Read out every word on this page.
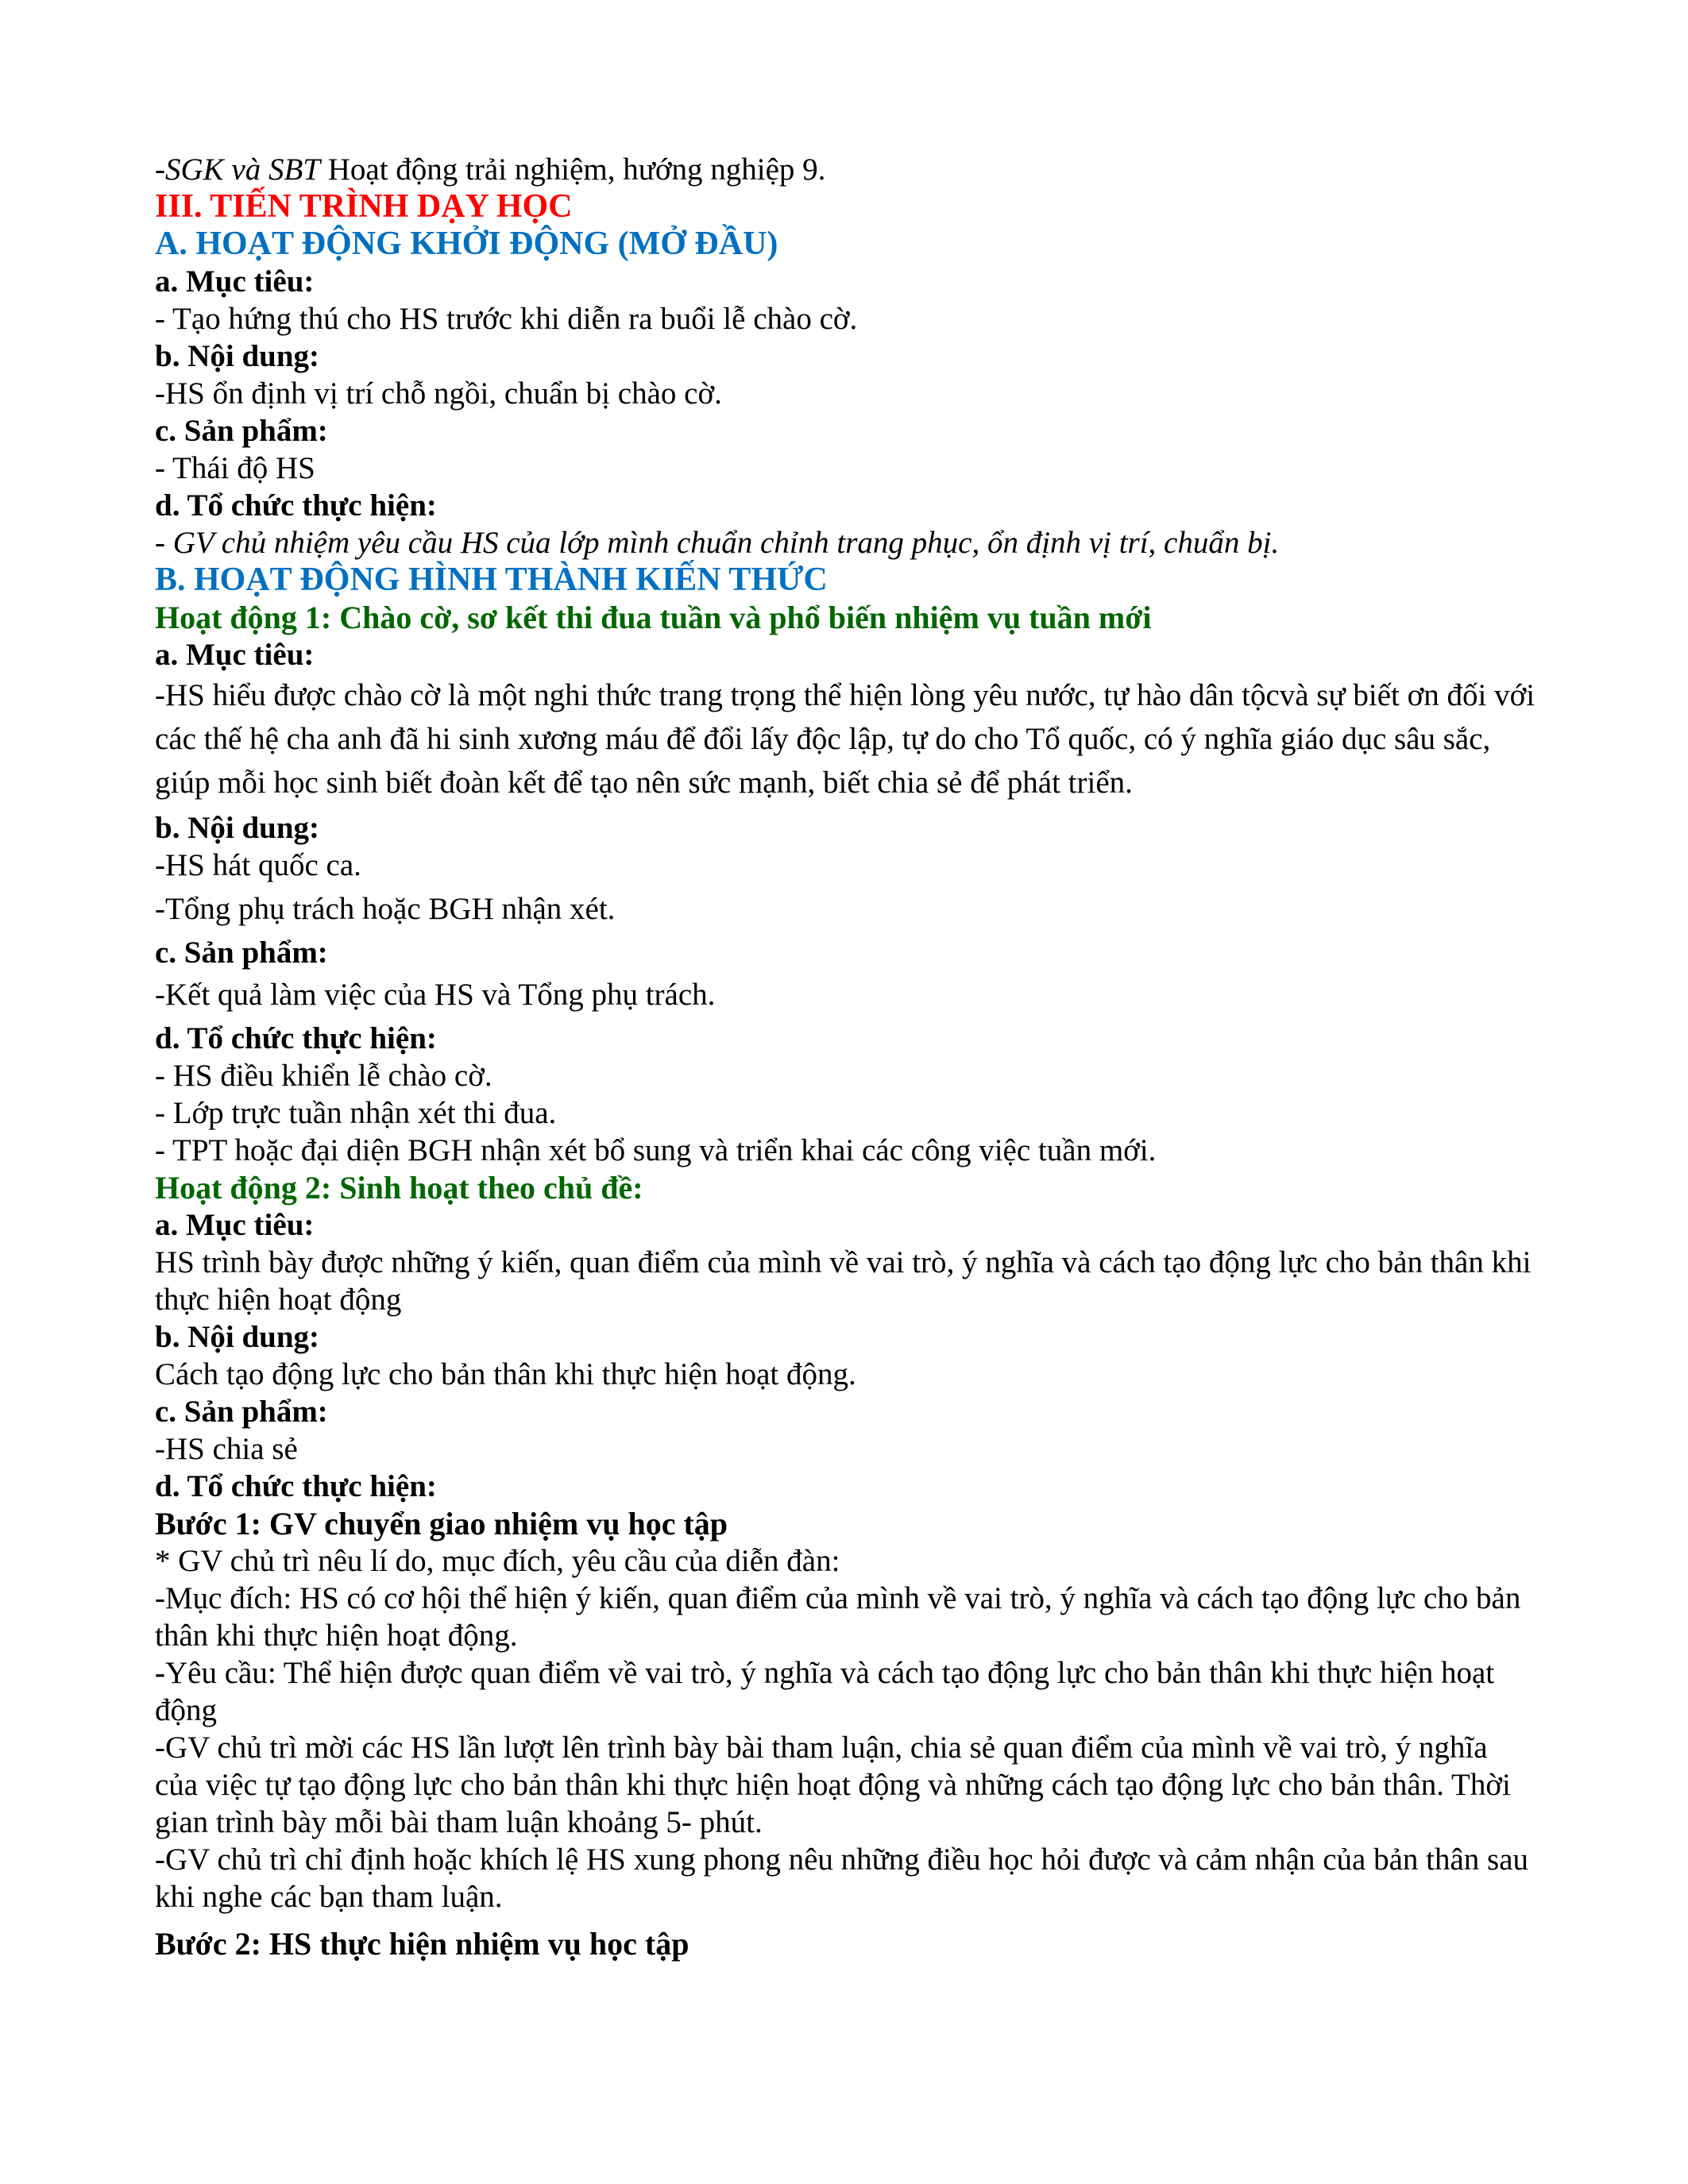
-SGK và SBT Hoạt động trải nghiệm, hướng nghiệp 9.
III. TIẾN TRÌNH DẠY HỌC
A. HOẠT ĐỘNG KHỞI ĐỘNG (MỞ ĐẦU)
a. Mục tiêu:
- Tạo hứng thú cho HS trước khi diễn ra buổi lễ chào cờ.
b. Nội dung:
-HS ổn định vị trí chỗ ngồi, chuẩn bị chào cờ.
c. Sản phẩm:
- Thái độ HS
d. Tổ chức thực hiện:
- GV chủ nhiệm yêu cầu HS của lớp mình chuẩn chỉnh trang phục, ổn định vị trí, chuẩn bị.
B. HOẠT ĐỘNG HÌNH THÀNH KIẾN THỨC
Hoạt động 1: Chào cờ, sơ kết thi đua tuần và phổ biến nhiệm vụ tuần mới
a. Mục tiêu:
-HS hiểu được chào cờ là một nghi thức trang trọng thể hiện lòng yêu nước, tự hào dân tộcvà sự biết ơn đối với các thế hệ cha anh đã hi sinh xương máu để đổi lấy độc lập, tự do cho Tổ quốc, có ý nghĩa giáo dục sâu sắc, giúp mỗi học sinh biết đoàn kết để tạo nên sức mạnh, biết chia sẻ để phát triển.
b. Nội dung:
-HS hát quốc ca.
-Tổng phụ trách hoặc BGH nhận xét.
c. Sản phẩm:
-Kết quả làm việc của HS và Tổng phụ trách.
d. Tổ chức thực hiện:
- HS điều khiển lễ chào cờ.
- Lớp trực tuần nhận xét thi đua.
- TPT hoặc đại diện BGH nhận xét bổ sung và triển khai các công việc tuần mới.
Hoạt động 2: Sinh hoạt theo chủ đề:
a. Mục tiêu:
HS trình bày được những ý kiến, quan điểm của mình về vai trò, ý nghĩa và cách tạo động lực cho bản thân khi thực hiện hoạt động
b. Nội dung:
Cách tạo động lực cho bản thân khi thực hiện hoạt động.
c. Sản phẩm:
-HS chia sẻ
d. Tổ chức thực hiện:
Bước 1: GV chuyển giao nhiệm vụ học tập
* GV chủ trì nêu lí do, mục đích, yêu cầu của diễn đàn:
-Mục đích: HS có cơ hội thể hiện ý kiến, quan điểm của mình về vai trò, ý nghĩa và cách tạo động lực cho bản thân khi thực hiện hoạt động.
-Yêu cầu: Thể hiện được quan điểm về vai trò, ý nghĩa và cách tạo động lực cho bản thân khi thực hiện hoạt động
-GV chủ trì mời các HS lần lượt lên trình bày bài tham luận, chia sẻ quan điểm của mình về vai trò, ý nghĩa của việc tự tạo động lực cho bản thân khi thực hiện hoạt động và những cách tạo động lực cho bản thân. Thời gian trình bày mỗi bài tham luận khoảng 5- phút.
-GV chủ trì chỉ định hoặc khích lệ HS xung phong nêu những điều học hỏi được và cảm nhận của bản thân sau khi nghe các bạn tham luận.
Bước 2: HS thực hiện nhiệm vụ học tập
